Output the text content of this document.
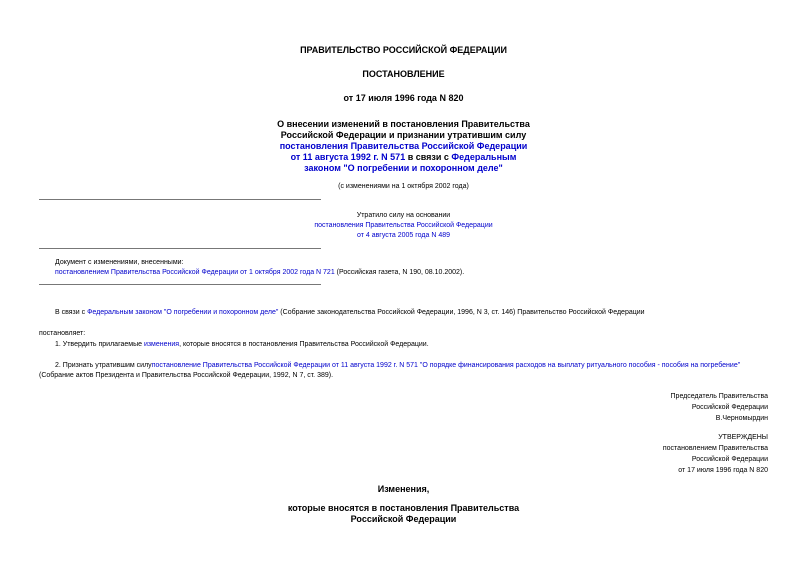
ПРАВИТЕЛЬСТВО РОССИЙСКОЙ ФЕДЕРАЦИИ
ПОСТАНОВЛЕНИЕ
от 17 июля 1996 года N 820
О внесении изменений в постановления Правительства
Российской Федерации и признании утратившим силу
постановления Правительства Российской Федерации
от 11 августа 1992 г. N 571 в связи с Федеральным
законом "О погребении и похоронном деле"
(с изменениями на 1 октября 2002 года)
Утратило силу на основании
постановления Правительства Российской Федерации
от 4 августа 2005 года N 489
Документ с изменениями, внесенными:
постановлением Правительства Российской Федерации от 1 октября 2002 года N 721 (Российская газета, N 190, 08.10.2002).
В связи с Федеральным законом "О погребении и похоронном деле" (Собрание законодательства Российской Федерации, 1996, N 3, ст. 146) Правительство Российской Федерации
постановляет:
1. Утвердить прилагаемые изменения, которые вносятся в постановления Правительства Российской Федерации.
2. Признать утратившим силупостановление Правительства Российской Федерации от 11 августа 1992 г. N 571 "О порядке финансирования расходов на выплату ритуального пособия - пособия на погребение"
(Собрание актов Президента и Правительства Российской Федерации, 1992, N 7, ст. 389).
Председатель Правительства
Российской Федерации
В.Черномырдин
УТВЕРЖДЕНЫ
постановлением Правительства
Российской Федерации
от 17 июля 1996 года N 820
Изменения,
которые вносятся в постановления Правительства
Российской Федерации
